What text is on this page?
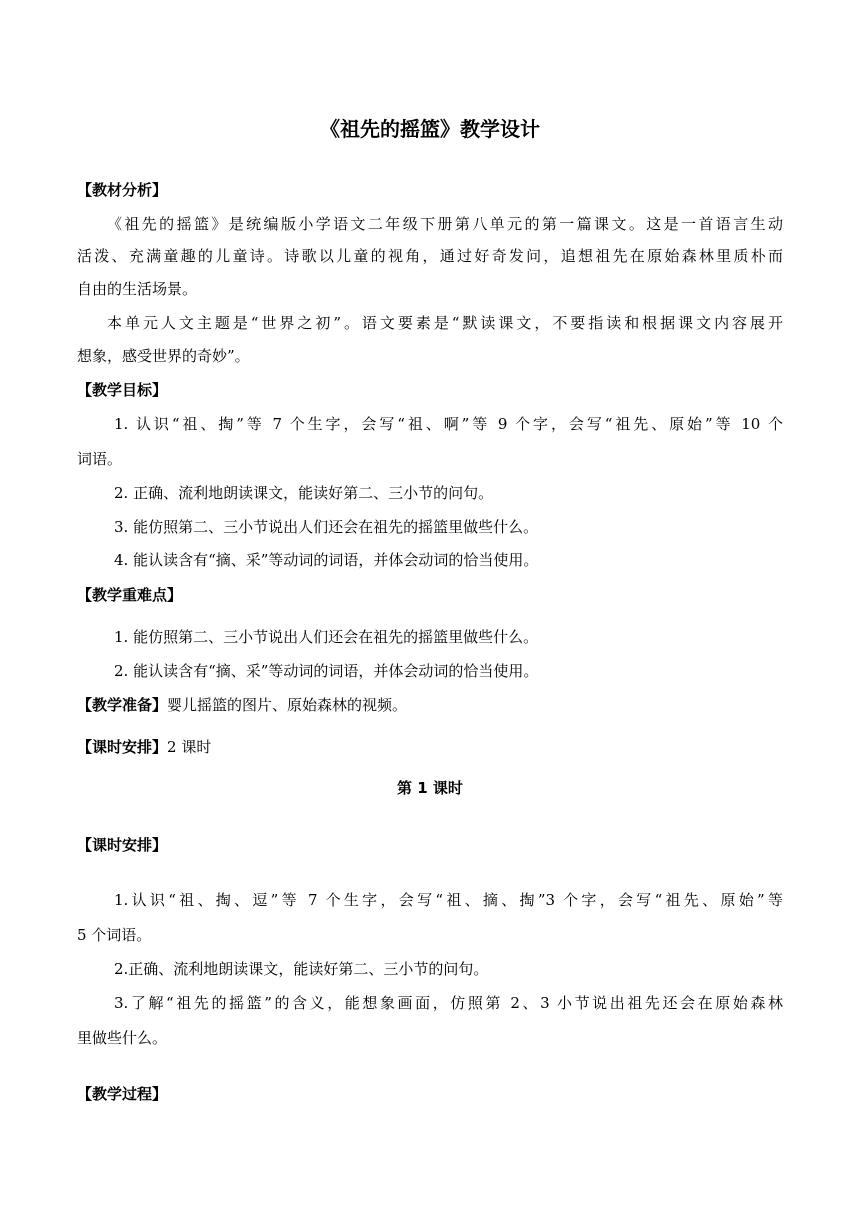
《祖先的摇篮》教学设计
【教材分析】
《祖先的摇篮》是统编版小学语文二年级下册第八单元的第一篇课文。这是一首语言生动
活泼、充满童趣的儿童诗。诗歌以儿童的视角，通过好奇发问，追想祖先在原始森林里质朴而
自由的生活场景。
本单元人文主题是“世界之初”。语文要素是“默读课文，不要指读和根据课文内容展开
想象，感受世界的奇妙”。
【教学目标】
1. 认识“祖、掏”等 7 个生字，会写“祖、啊”等 9 个字，会写“祖先、原始”等 10 个
词语。
2. 正确、流利地朗读课文，能读好第二、三小节的问句。
3. 能仿照第二、三小节说出人们还会在祖先的摇篮里做些什么。
4. 能认读含有“摘、采”等动词的词语，并体会动词的恰当使用。
【教学重难点】
1. 能仿照第二、三小节说出人们还会在祖先的摇篮里做些什么。
2. 能认读含有“摘、采”等动词的词语，并体会动词的恰当使用。
【教学准备】婴儿摇篮的图片、原始森林的视频。
【课时安排】2 课时
第 1 课时
【课时安排】
1.认识“祖、掏、逗”等 7 个生字，会写“祖、摘、掏”3 个字，会写“祖先、原始”等
5 个词语。
2.正确、流利地朗读课文，能读好第二、三小节的问句。
3.了解“祖先的摇篮”的含义，能想象画面，仿照第 2、3 小节说出祖先还会在原始森林
里做些什么。
【教学过程】
